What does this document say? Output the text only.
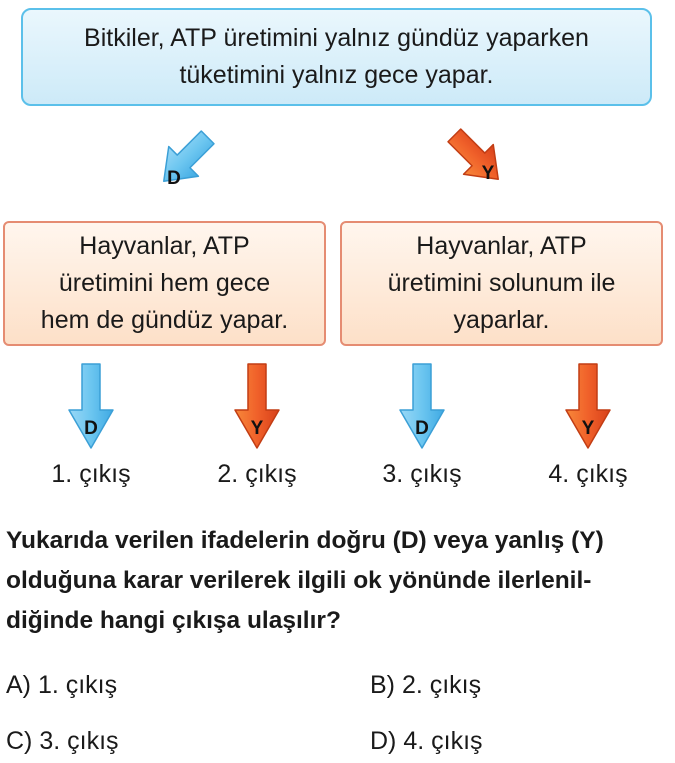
Bitkiler, ATP üretimini yalnız gündüz yaparken
tüketimini yalnız gece yapar.
D	Y
Hayvanlar, ATP
üretimini hem gece
hem de gündüz yapar.
Hayvanlar, ATP
üretimini solunum ile
yaparlar.
D	Y	D	Y
1. çıkış	2. çıkış	3. çıkış	4. çıkış

Yukarıda verilen ifadelerin doğru (D) veya yanlış (Y)
olduğuna karar verilerek ilgili ok yönünde ilerlenil-
diğinde hangi çıkışa ulaşılır?

A) 1. çıkış	B) 2. çıkış
C) 3. çıkış	D) 4. çıkış
